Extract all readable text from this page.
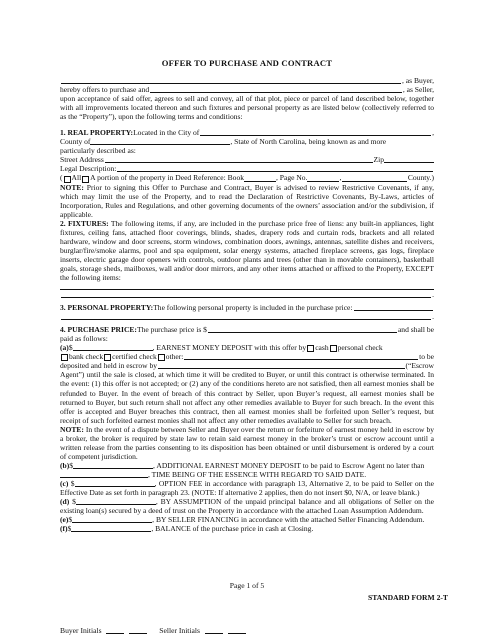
OFFER TO PURCHASE AND CONTRACT
, as Buyer,
hereby offers to purchase and	, as Seller,
upon acceptance of said offer, agrees to sell and convey, all of that plot, piece or parcel of land described below, together with all improvements located thereon and such fixtures and personal property as are listed below (collectively referred to as the “Property”), upon the following terms and conditions:
1. REAL PROPERTY: Located in the City of	,
County of	, State of North Carolina, being known as and more
particularly described as:
Street Address	Zip
Legal Description:
( All A portion of the property in Deed Reference: Book	, Page No.	,	County.)
NOTE: Prior to signing this Offer to Purchase and Contract, Buyer is advised to review Restrictive Covenants, if any, which may limit the use of the Property, and to read the Declaration of Restrictive Covenants, By-Laws, articles of Incorporation, Rules and Regulations, and other governing documents of the owners’ association and/or the subdivision, if applicable.
2. FIXTURES: The following items, if any, are included in the purchase price free of liens: any built-in appliances, light fixtures, ceiling fans, attached floor coverings, blinds, shades, drapery rods and curtain rods, brackets and all related hardware, window and door screens, storm windows, combination doors, awnings, antennas, satellite dishes and receivers, burglar/fire/smoke alarms, pool and spa equipment, solar energy systems, attached fireplace screens, gas logs, fireplace inserts, electric garage door openers with controls, outdoor plants and trees (other than in movable containers), basketball goals, storage sheds, mailboxes, wall and/or door mirrors, and any other items attached or affixed to the Property, EXCEPT the following items:
.
3. PERSONAL PROPERTY: The following personal property is included in the purchase price:
.
4. PURCHASE PRICE: The purchase price is $	and shall be
paid as follows:
(a) $	, EARNEST MONEY DEPOSIT with this offer by cash personal check
bank check certified check other:	to be
deposited and held in escrow by	(“Escrow
Agent”) until the sale is closed, at which time it will be credited to Buyer, or until this contract is otherwise terminated. In the event: (1) this offer is not accepted; or (2) any of the conditions hereto are not satisfied, then all earnest monies shall be refunded to Buyer. In the event of breach of this contract by Seller, upon Buyer’s request, all earnest monies shall be returned to Buyer, but such return shall not affect any other remedies available to Buyer for such breach. In the event this offer is accepted and Buyer breaches this contract, then all earnest monies shall be forfeited upon Seller’s request, but receipt of such forfeited earnest monies shall not affect any other remedies available to Seller for such breach.
NOTE: In the event of a dispute between Seller and Buyer over the return or forfeiture of earnest money held in escrow by a broker, the broker is required by state law to retain said earnest money in the broker’s trust or escrow account until a written release from the parties consenting to its disposition has been obtained or until disbursement is ordered by a court of competent jurisdiction.
(b) $	, ADDITIONAL EARNEST MONEY DEPOSIT to be paid to Escrow Agent no later than
, TIME BEING OF THE ESSENCE WITH REGARD TO SAID DATE.
(c) $	, OPTION FEE in accordance with paragraph 13, Alternative 2, to be paid to Seller on the Effective Date as set forth in paragraph 23. (NOTE: If alternative 2 applies, then do not insert $0, N/A, or leave blank.)
(d) $	, BY ASSUMPTION of the unpaid principal balance and all obligations of Seller on the existing loan(s) secured by a deed of trust on the Property in accordance with the attached Loan Assumption Addendum.
(e) $	, BY SELLER FINANCING in accordance with the attached Seller Financing Addendum.
(f) $	, BALANCE of the purchase price in cash at Closing.
Page 1 of 5
STANDARD FORM 2-T
Buyer Initials	Seller Initials
